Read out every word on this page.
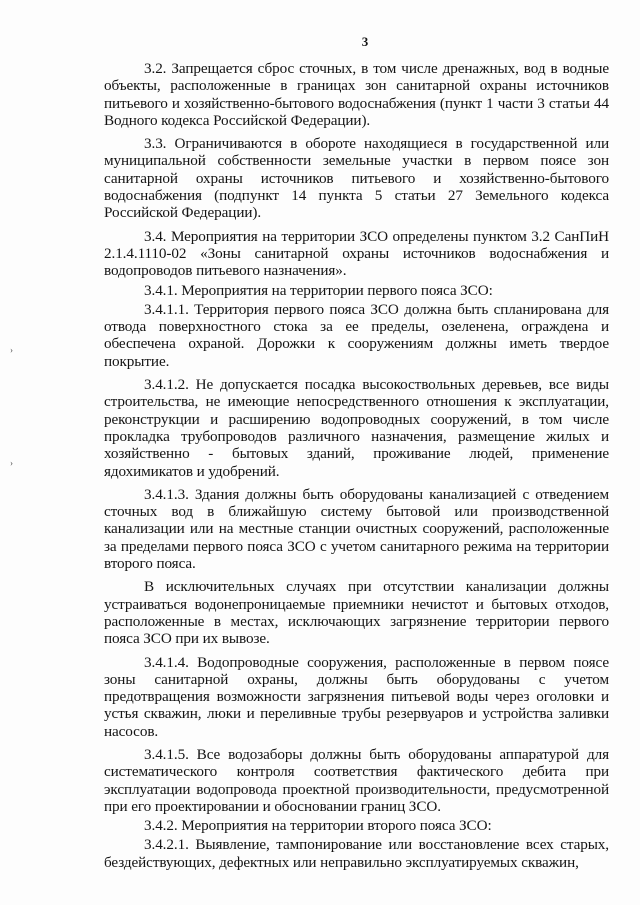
3
›
›

3.2. Запрещается сброс сточных, в том числе дренажных, вод в водные объекты, расположенные в границах зон санитарной охраны источников питьевого и хозяйственно-бытового водоснабжения (пункт 1 части 3 статьи 44 Водного кодекса Российской Федерации).

3.3. Ограничиваются в обороте находящиеся в государственной или муниципальной собственности земельные участки в первом поясе зон санитарной охраны источников питьевого и хозяйственно-бытового водоснабжения (подпункт 14 пункта 5 статьи 27 Земельного кодекса Российской Федерации).

3.4. Мероприятия на территории ЗСО определены пунктом 3.2 СанПиН 2.1.4.1110-02 «Зоны санитарной охраны источников водоснабжения и водопроводов питьевого назначения».

3.4.1. Мероприятия на территории первого пояса ЗСО:

3.4.1.1. Территория первого пояса ЗСО должна быть спланирована для отвода поверхностного стока за ее пределы, озеленена, ограждена и обеспечена охраной. Дорожки к сооружениям должны иметь твердое покрытие.

3.4.1.2. Не допускается посадка высокоствольных деревьев, все виды строительства, не имеющие непосредственного отношения к эксплуатации, реконструкции и расширению водопроводных сооружений, в том числе прокладка трубопроводов различного назначения, размещение жилых и хозяйственно - бытовых зданий, проживание людей, применение ядохимикатов и удобрений.

3.4.1.3. Здания должны быть оборудованы канализацией с отведением сточных вод в ближайшую систему бытовой или производственной канализации или на местные станции очистных сооружений, расположенные за пределами первого пояса ЗСО с учетом санитарного режима на территории второго пояса.

В исключительных случаях при отсутствии канализации должны устраиваться водонепроницаемые приемники нечистот и бытовых отходов, расположенные в местах, исключающих загрязнение территории первого пояса ЗСО при их вывозе.

3.4.1.4. Водопроводные сооружения, расположенные в первом поясе зоны санитарной охраны, должны быть оборудованы с учетом предотвращения возможности загрязнения питьевой воды через оголовки и устья скважин, люки и переливные трубы резервуаров и устройства заливки насосов.

3.4.1.5. Все водозаборы должны быть оборудованы аппаратурой для систематического контроля соответствия фактического дебита при эксплуатации водопровода проектной производительности, предусмотренной при его проектировании и обосновании границ ЗСО.

3.4.2. Мероприятия на территории второго пояса ЗСО:

3.4.2.1. Выявление, тампонирование или восстановление всех старых, бездействующих, дефектных или неправильно эксплуатируемых скважин,
